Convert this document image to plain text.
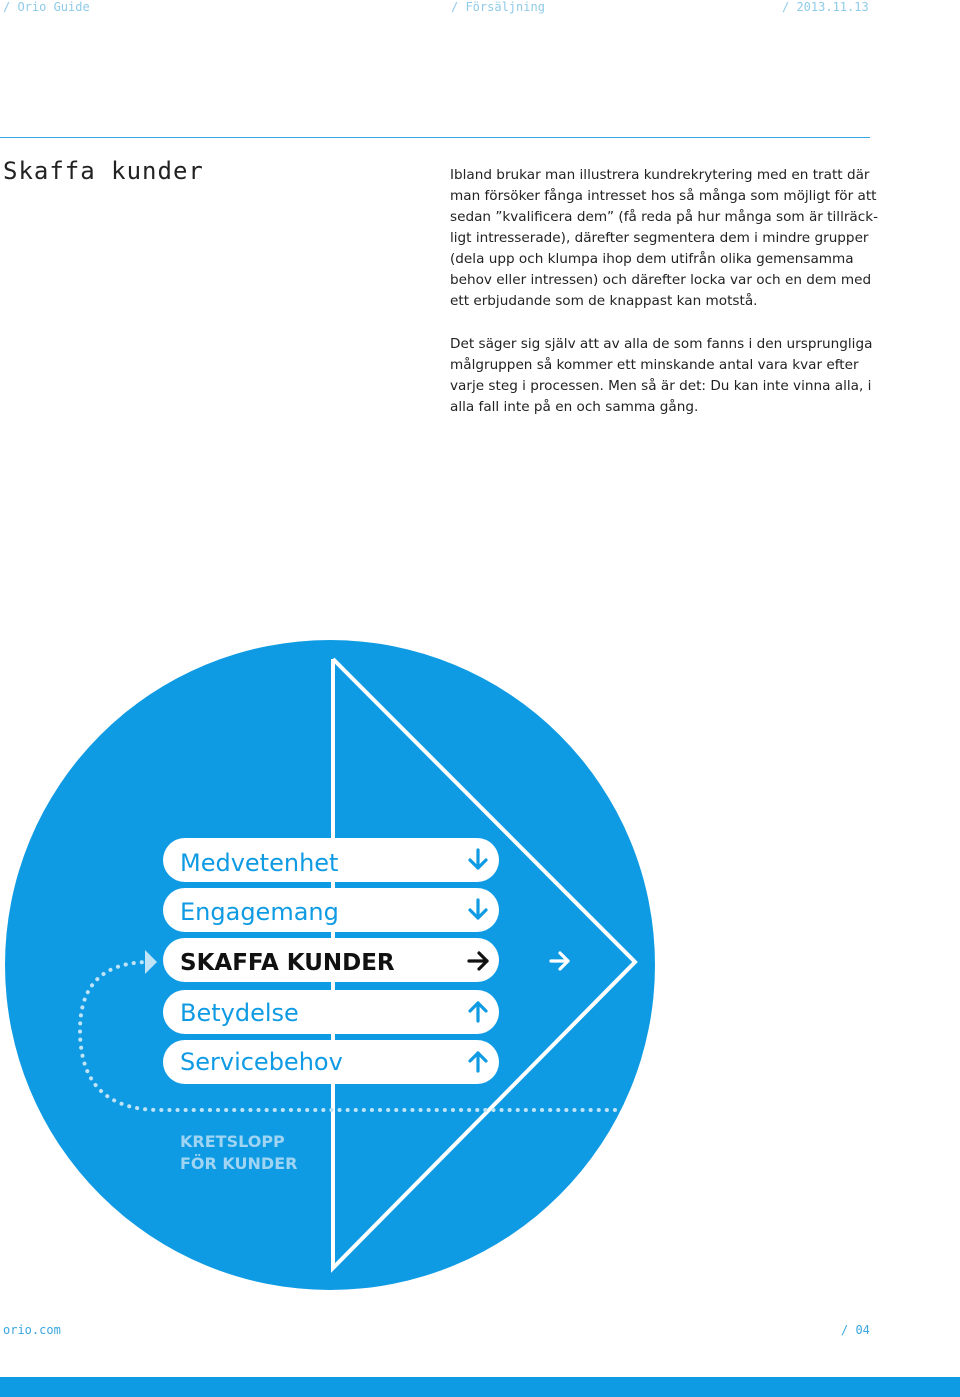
/ Orio Guide	/ Försäljning	/ 2013.11.13
Skaffa kunder	Ibland brukar man illustrera kundrekrytering med en tratt där man försöker fånga intresset hos så många som möjligt för att sedan ”kvalificera dem” (få reda på hur många som är tillräckligt intresserade), därefter segmentera dem i mindre grupper (dela upp och klumpa ihop dem utifrån olika gemensamma behov eller intressen) och därefter locka var och en dem med ett erbjudande som de knappast kan motstå.
Det säger sig själv att av alla de som fanns i den ursprungliga målgruppen så kommer ett minskande antal vara kvar efter varje steg i processen. Men så är det: Du kan inte vinna alla, i alla fall inte på en och samma gång.
Medvetenhet
Engagemang
SKAFFA KUNDER
Betydelse
Servicebehov
KRETSLOPP
FÖR KUNDER
orio.com	/ 04
